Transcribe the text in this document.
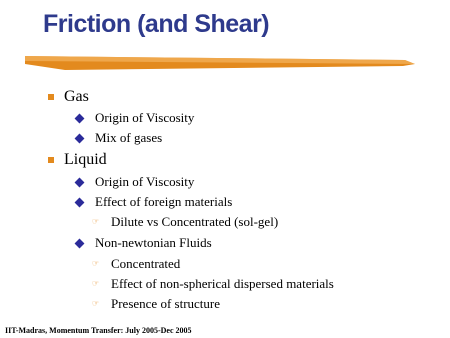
Friction (and Shear)
Gas
Origin of Viscosity
Mix of gases
Liquid
Origin of Viscosity
Effect of foreign materials
☞ Dilute vs Concentrated (sol-gel)
Non-newtonian Fluids
☞ Concentrated
☞ Effect of non-spherical dispersed materials
☞ Presence of structure
IIT-Madras, Momentum Transfer: July 2005-Dec 2005
